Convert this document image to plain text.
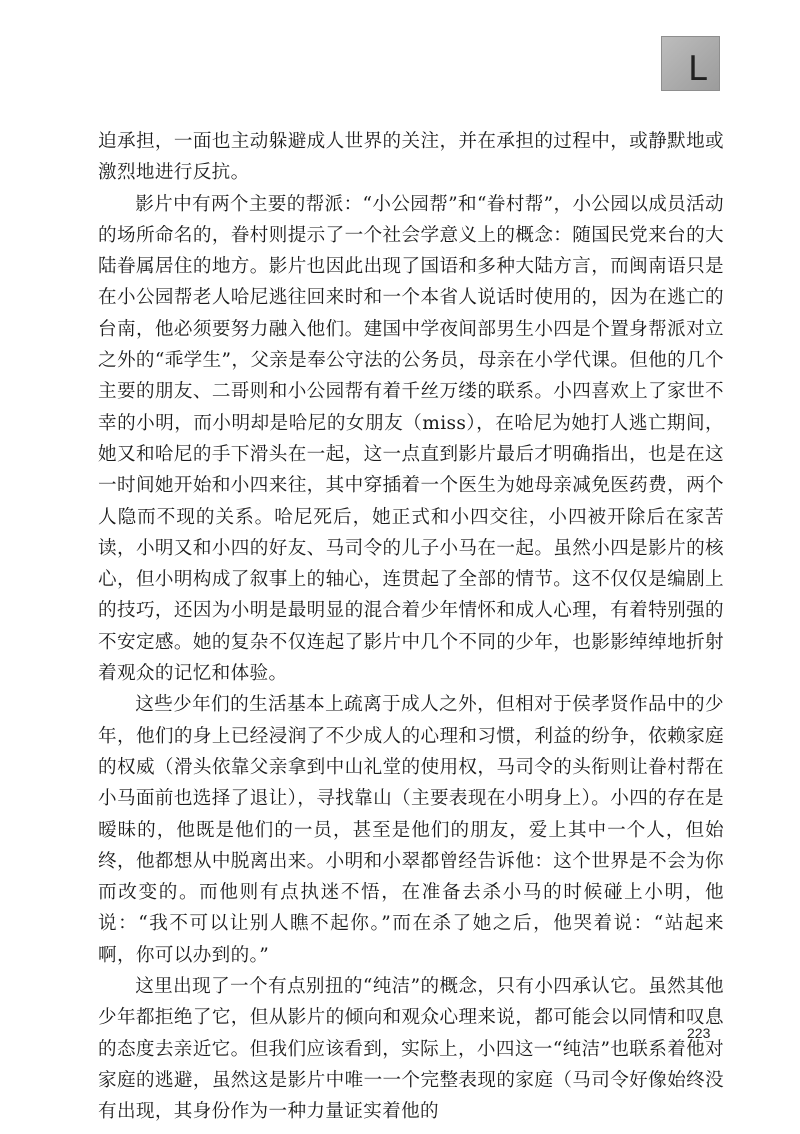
L

迫承担，一面也主动躲避成人世界的关注，并在承担的过程中，或静默地或激烈地进行反抗。

影片中有两个主要的帮派：“小公园帮”和“眷村帮”，小公园以成员活动的场所命名的，眷村则提示了一个社会学意义上的概念：随国民党来台的大陆眷属居住的地方。影片也因此出现了国语和多种大陆方言，而闽南语只是在小公园帮老人哈尼逃往回来时和一个本省人说话时使用的，因为在逃亡的台南，他必须要努力融入他们。建国中学夜间部男生小四是个置身帮派对立之外的“乖学生”，父亲是奉公守法的公务员，母亲在小学代课。但他的几个主要的朋友、二哥则和小公园帮有着千丝万缕的联系。小四喜欢上了家世不幸的小明，而小明却是哈尼的女朋友（miss），在哈尼为她打人逃亡期间，她又和哈尼的手下滑头在一起，这一点直到影片最后才明确指出，也是在这一时间她开始和小四来往，其中穿插着一个医生为她母亲减免医药费，两个人隐而不现的关系。哈尼死后，她正式和小四交往，小四被开除后在家苦读，小明又和小四的好友、马司令的儿子小马在一起。虽然小四是影片的核心，但小明构成了叙事上的轴心，连贯起了全部的情节。这不仅仅是编剧上的技巧，还因为小明是最明显的混合着少年情怀和成人心理，有着特别强的不安定感。她的复杂不仅连起了影片中几个不同的少年，也影影绰绰地折射着观众的记忆和体验。

这些少年们的生活基本上疏离于成人之外，但相对于侯孝贤作品中的少年，他们的身上已经浸润了不少成人的心理和习惯，利益的纷争，依赖家庭的权威（滑头依靠父亲拿到中山礼堂的使用权，马司令的头衔则让眷村帮在小马面前也选择了退让），寻找靠山（主要表现在小明身上）。小四的存在是暧昧的，他既是他们的一员，甚至是他们的朋友，爱上其中一个人，但始终，他都想从中脱离出来。小明和小翠都曾经告诉他：这个世界是不会为你而改变的。而他则有点执迷不悟，在准备去杀小马的时候碰上小明，他说：“我不可以让别人瞧不起你。”而在杀了她之后，他哭着说：“站起来啊，你可以办到的。”

这里出现了一个有点别扭的“纯洁”的概念，只有小四承认它。虽然其他少年都拒绝了它，但从影片的倾向和观众心理来说，都可能会以同情和叹息的态度去亲近它。但我们应该看到，实际上，小四这一“纯洁”也联系着他对家庭的逃避，虽然这是影片中唯一一个完整表现的家庭（马司令好像始终没有出现，其身份作为一种力量证实着他的

223
